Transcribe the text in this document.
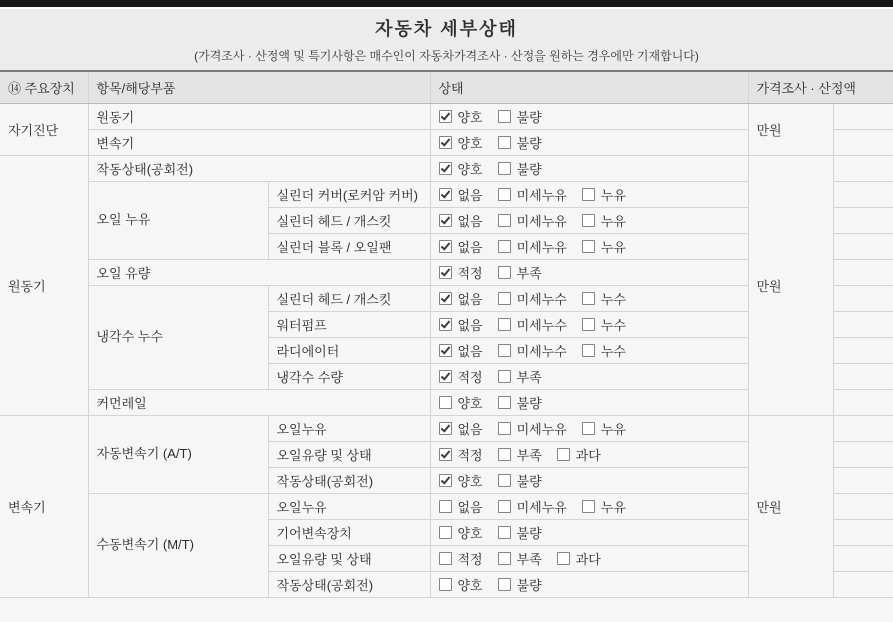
자동차 세부상태
(가격조사 · 산정액 및 특기사항은 매수인이 자동차가격조사 · 산정을 원하는 경우에만 기재합니다)
⑭ 주요장치	항목/해당부품		상태	가격조사 · 산정액	
자기진단	원동기		양호 불량	만원	
	변속기		양호 불량		

원동기	작동상태(공회전)		양호 불량	만원	
	오일 누유	실린더 커버(로커암 커버)	없음 미세누유 누유		

		실린더 헤드 / 개스킷	없음 미세누유 누유		

		실린더 블록 / 오일팬	없음 미세누유 누유		

	오일 유량		적정 부족		

	냉각수 누수	실린더 헤드 / 개스킷	없음 미세누수 누수		

		워터펌프	없음 미세누수 누수		

		라디에이터	없음 미세누수 누수		

		냉각수 수량	적정 부족		

	커먼레일		양호 불량		

변속기	자동변속기 (A/T)	오일누유	없음 미세누유 누유	만원	
		오일유량 및 상태	적정 부족 과다		

		작동상태(공회전)	양호 불량		

	수동변속기 (M/T)	오일누유	없음 미세누유 누유		

		기어변속장치	양호 불량		

		오일유량 및 상태	적정 부족 과다		

		작동상태(공회전)	양호 불량		
